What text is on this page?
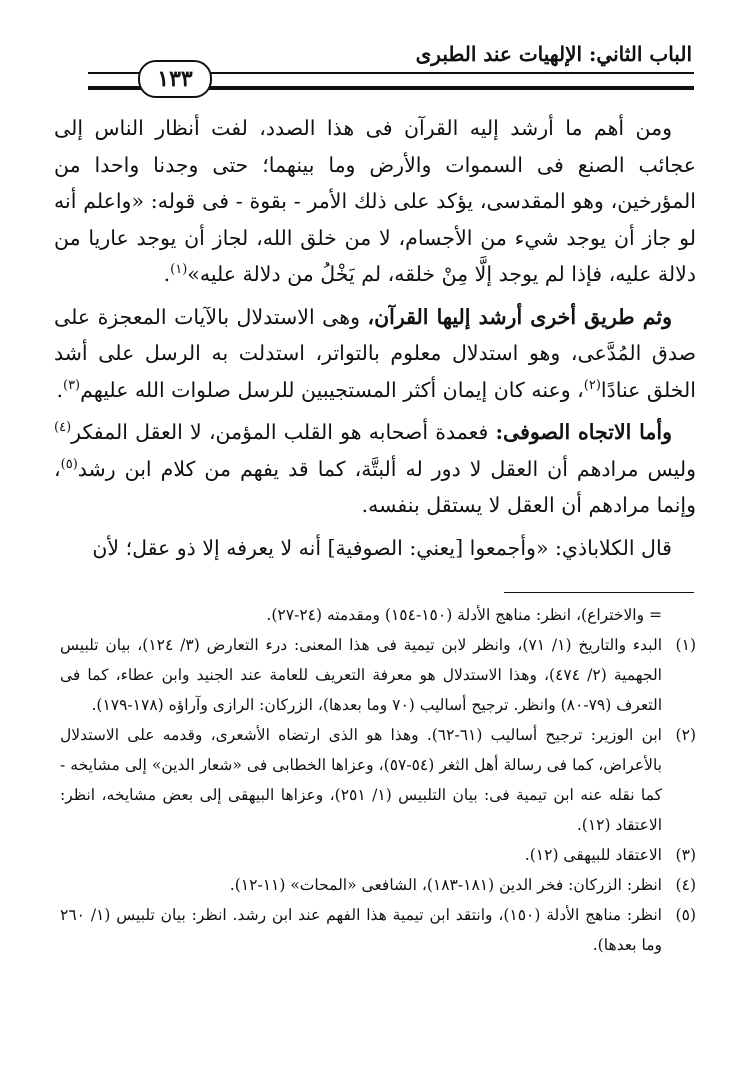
الباب الثاني: الإلهيات عند الطبرى
١٣٣

ومن أهم ما أرشد إليه القرآن فى هذا الصدد، لفت أنظار الناس إلى عجائب الصنع فى السموات والأرض وما بينهما؛ حتى وجدنا واحدا من المؤرخين، وهو المقدسى، يؤكد على ذلك الأمر - بقوة - فى قوله: «واعلم أنه لو جاز أن يوجد شيء من الأجسام، لا من خلق الله، لجاز أن يوجد عاريا من دلالة عليه، فإذا لم يوجد إلَّا مِنْ خلقه، لم يَخْلُ من دلالة عليه»$^{(١)}$.

وثم طريق أخرى أرشد إليها القرآن، وهى الاستدلال بالآيات المعجزة على صدق المُدَّعى، وهو استدلال معلوم بالتواتر، استدلت به الرسل على أشد الخلق عنادًا$^{(٢)}$، وعنه كان إيمان أكثر المستجيبين للرسل صلوات الله عليهم$^{(٣)}$.

وأما الاتجاه الصوفى: فعمدة أصحابه هو القلب المؤمن، لا العقل المفكر$^{(٤)}$ وليس مرادهم أن العقل لا دور له ألبتَّة، كما قد يفهم من كلام ابن رشد$^{(٥)}$، وإنما مرادهم أن العقل لا يستقل بنفسه.

قال الكلاباذي: «وأجمعوا [يعني: الصوفية] أنه لا يعرفه إلا ذو عقل؛ لأن

= والاختراع)، انظر: مناهج الأدلة (١٥٠-١٥٤) ومقدمته (٢٤-٢٧).
(١)
البدء والتاريخ (١/ ٧١)، وانظر لابن تيمية فى هذا المعنى: درء التعارض (٣/ ١٢٤)، بيان تلبيس الجهمية (٢/ ٤٧٤)، وهذا الاستدلال هو معرفة التعريف للعامة عند الجنيد وابن عطاء، كما فى التعرف (٧٩-٨٠) وانظر. ترجيح أساليب (٧٠ وما بعدها)، الزركان: الرازى وآراؤه (١٧٨-١٧٩).
(٢)
ابن الوزير: ترجيح أساليب (٦١-٦٢). وهذا هو الذى ارتضاه الأشعرى، وقدمه على الاستدلال بالأعراض، كما فى رسالة أهل الثغر (٥٤-٥٧)، وعزاها الخطابى فى «شعار الدين» إلى مشايخه - كما نقله عنه ابن تيمية فى: بيان التلبيس (١/ ٢٥١)، وعزاها البيهقى إلى بعض مشايخه، انظر: الاعتقاد (١٢).
(٣)
الاعتقاد للبيهقى (١٢).
(٤)
انظر: الزركان: فخر الدين (١٨١-١٨٣)، الشافعى «المحات» (١١-١٢).
(٥)
انظر: مناهج الأدلة (١٥٠)، وانتقد ابن تيمية هذا الفهم عند ابن رشد. انظر: بيان تلبيس (١/ ٢٦٠ وما بعدها).
